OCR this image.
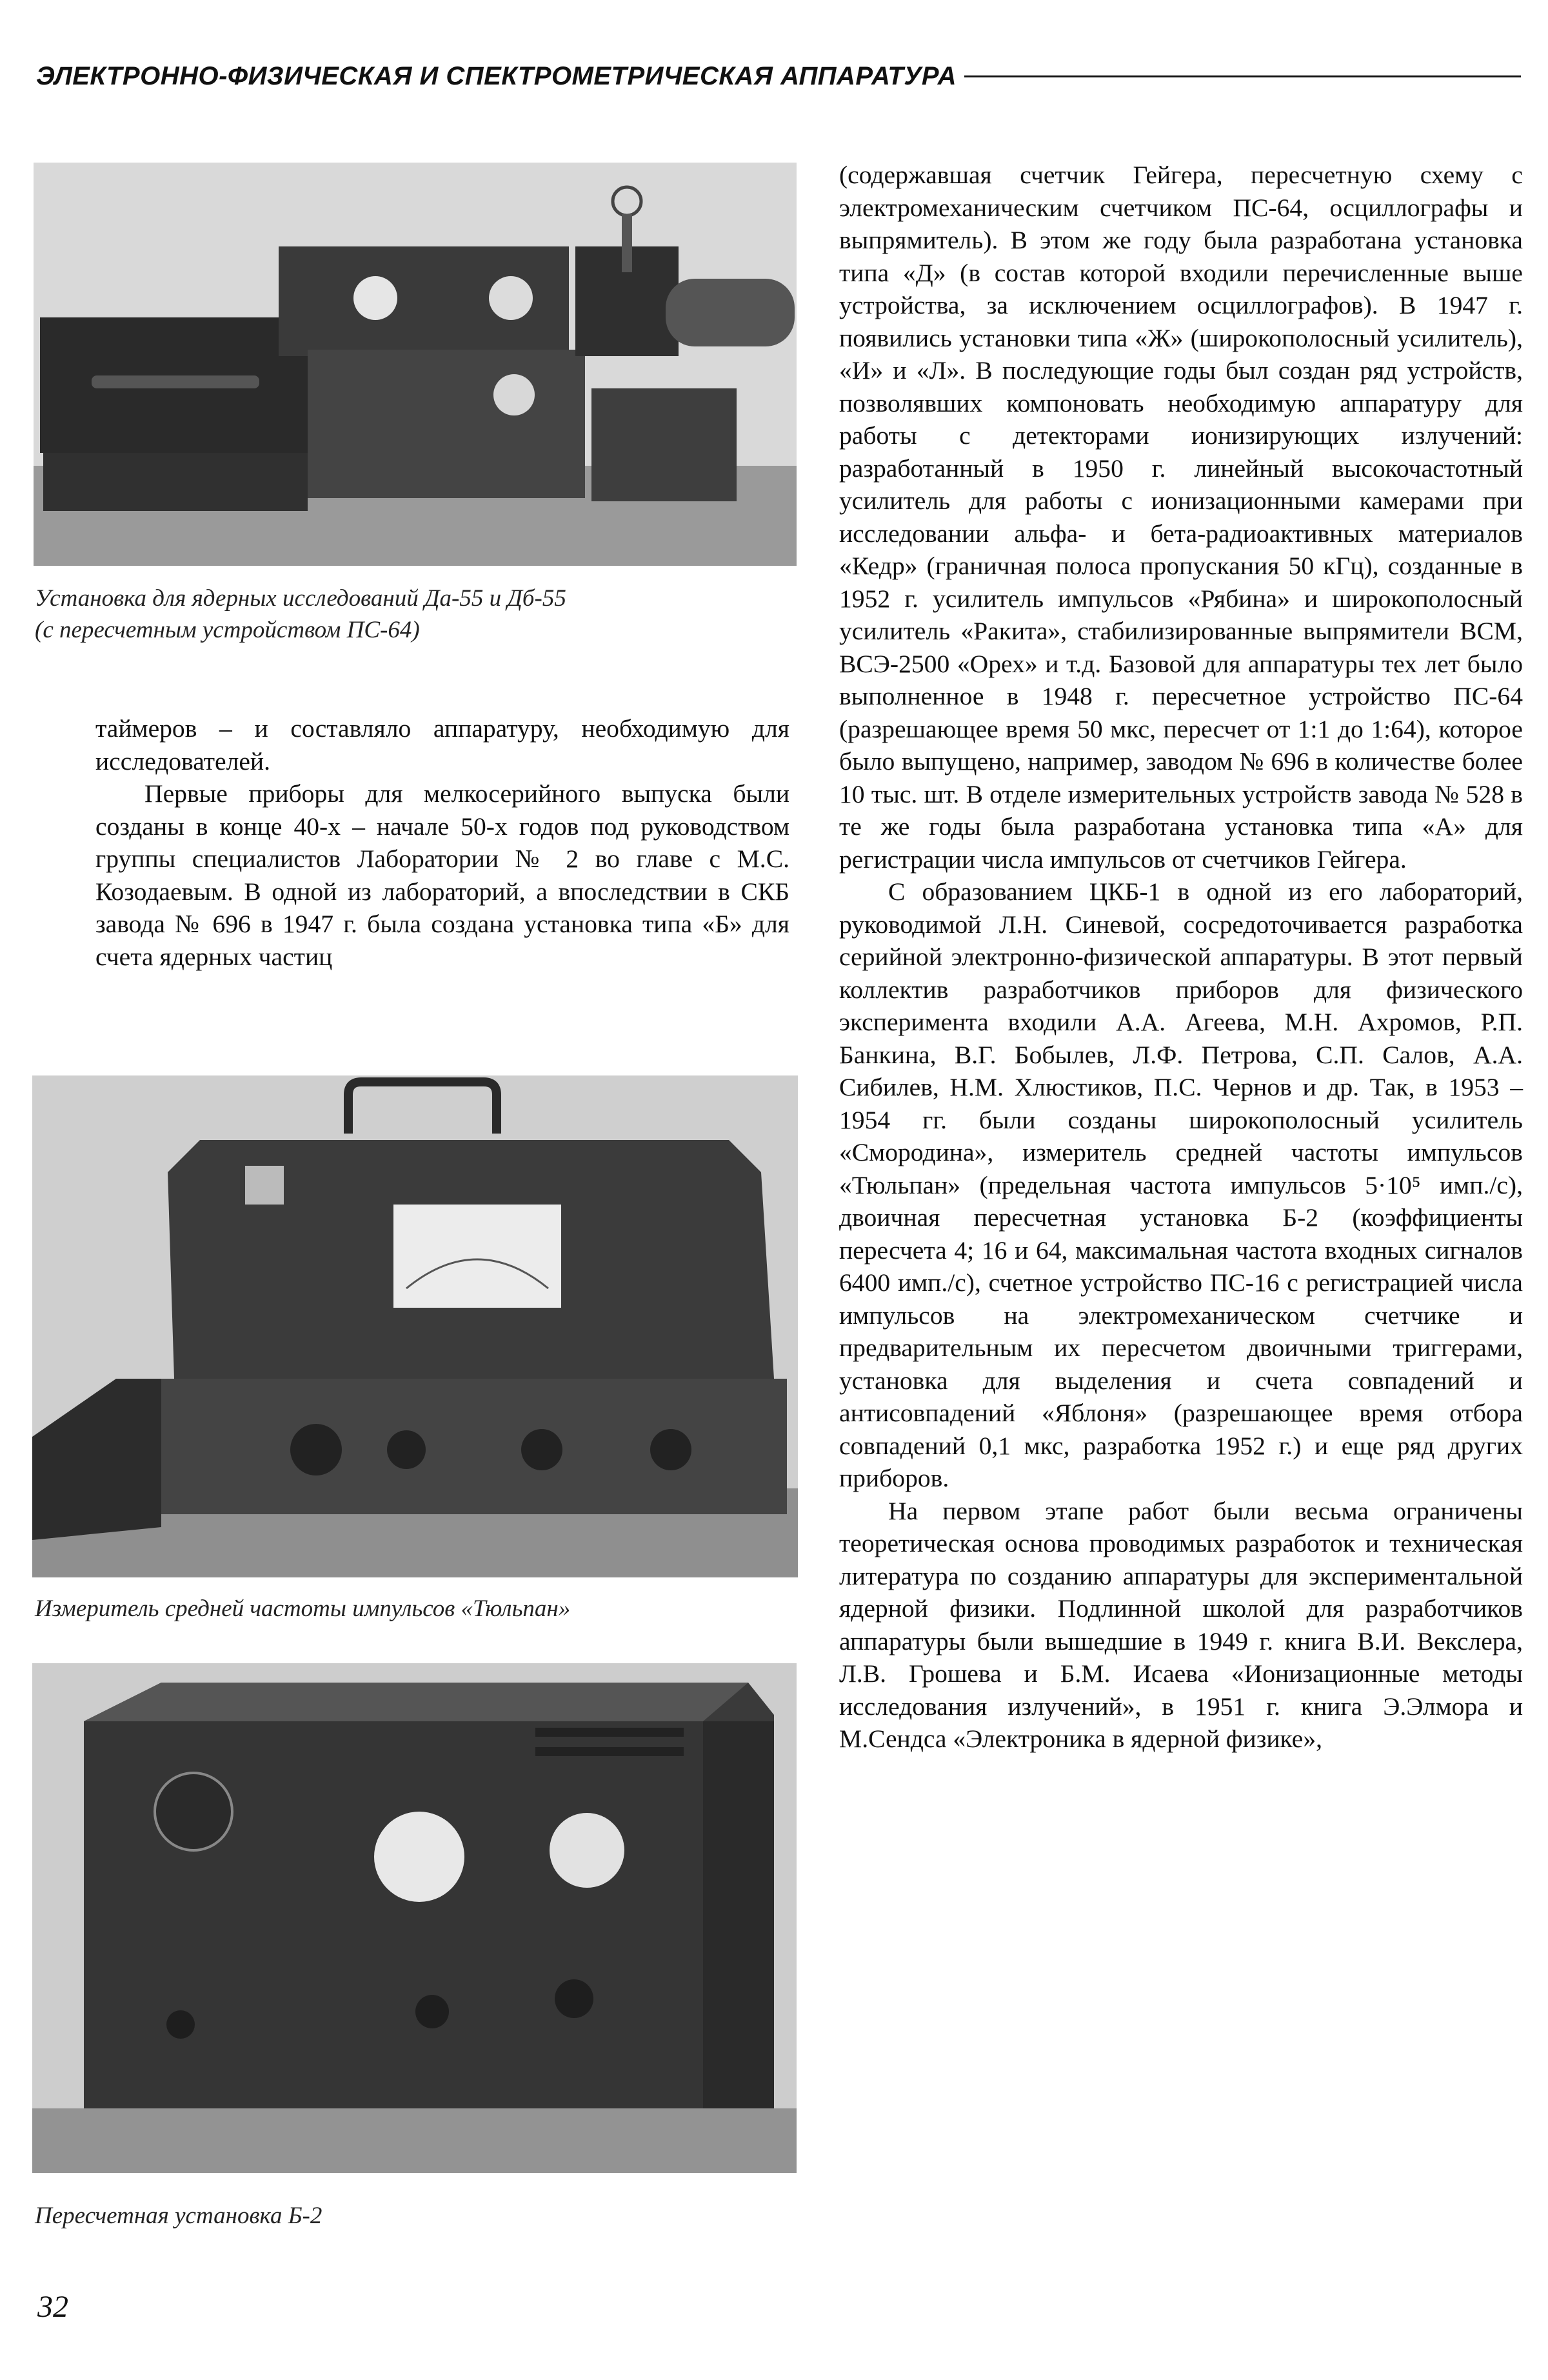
ЭЛЕКТРОННО-ФИЗИЧЕСКАЯ И СПЕКТРОМЕТРИЧЕСКАЯ АППАРАТУРА
Установка для ядерных исследований Да-55 и Дб-55
(с пересчетным устройством ПС-64)
Измеритель средней частоты импульсов «Тюльпан»
Пересчетная установка Б-2

таймеров – и составляло аппаратуру, необходимую для исследователей.

Первые приборы для мелкосерийного выпуска были созданы в конце 40-х – начале 50-х годов под руководством группы специалистов Лаборатории № 2 во главе с М.С. Козодаевым. В одной из лабораторий, а впоследствии в СКБ завода № 696 в 1947 г. была создана установка типа «Б» для счета ядерных частиц

(содержавшая счетчик Гейгера, пересчетную схему с электромеханическим счетчиком ПС-64, осциллографы и выпрямитель). В этом же году была разработана установка типа «Д» (в состав которой входили перечисленные выше устройства, за исключением осциллографов). В 1947 г. появились установки типа «Ж» (широкополосный усилитель), «И» и «Л». В последующие годы был создан ряд устройств, позволявших компоновать необходимую аппаратуру для работы с детекторами ионизирующих излучений: разработанный в 1950 г. линейный высокочастотный усилитель для работы с ионизационными камерами при исследовании альфа- и бета-радиоактивных материалов «Кедр» (граничная полоса пропускания 50 кГц), созданные в 1952 г. усилитель импульсов «Рябина» и широкополосный усилитель «Ракита», стабилизированные выпрямители ВСМ, ВСЭ-2500 «Орех» и т.д. Базовой для аппаратуры тех лет было выполненное в 1948 г. пересчетное устройство ПС-64 (разрешающее время 50 мкс, пересчет от 1:1 до 1:64), которое было выпущено, например, заводом № 696 в количестве более 10 тыс. шт. В отделе измерительных устройств завода № 528 в те же годы была разработана установка типа «А» для регистрации числа импульсов от счетчиков Гейгера.

С образованием ЦКБ-1 в одной из его лабораторий, руководимой Л.Н. Синевой, сосредоточивается разработка серийной электронно-физической аппаратуры. В этот первый коллектив разработчиков приборов для физического эксперимента входили А.А. Агеева, М.Н. Ахромов, Р.П. Банкина, В.Г. Бобылев, Л.Ф. Петрова, С.П. Салов, А.А. Сибилев, Н.М. Хлюстиков, П.С. Чернов и др. Так, в 1953 – 1954 гг. были созданы широкополосный усилитель «Смородина», измеритель средней частоты импульсов «Тюльпан» (предельная частота импульсов 5·10⁵ имп./с), двоичная пересчетная установка Б-2 (коэффициенты пересчета 4; 16 и 64, максимальная частота входных сигналов 6400 имп./с), счетное устройство ПС-16 с регистрацией числа импульсов на электромеханическом счетчике и предварительным их пересчетом двоичными триггерами, установка для выделения и счета совпадений и антисовпадений «Яблоня» (разрешающее время отбора совпадений 0,1 мкс, разработка 1952 г.) и еще ряд других приборов.

На первом этапе работ были весьма ограничены теоретическая основа проводимых разработок и техническая литература по созданию аппаратуры для экспериментальной ядерной физики. Подлинной школой для разработчиков аппаратуры были вышедшие в 1949 г. книга В.И. Векслера, Л.В. Грошева и Б.М. Исаева «Ионизационные методы исследования излучений», в 1951 г. книга Э.Элмора и М.Сендса «Электроника в ядерной физике»,

32
